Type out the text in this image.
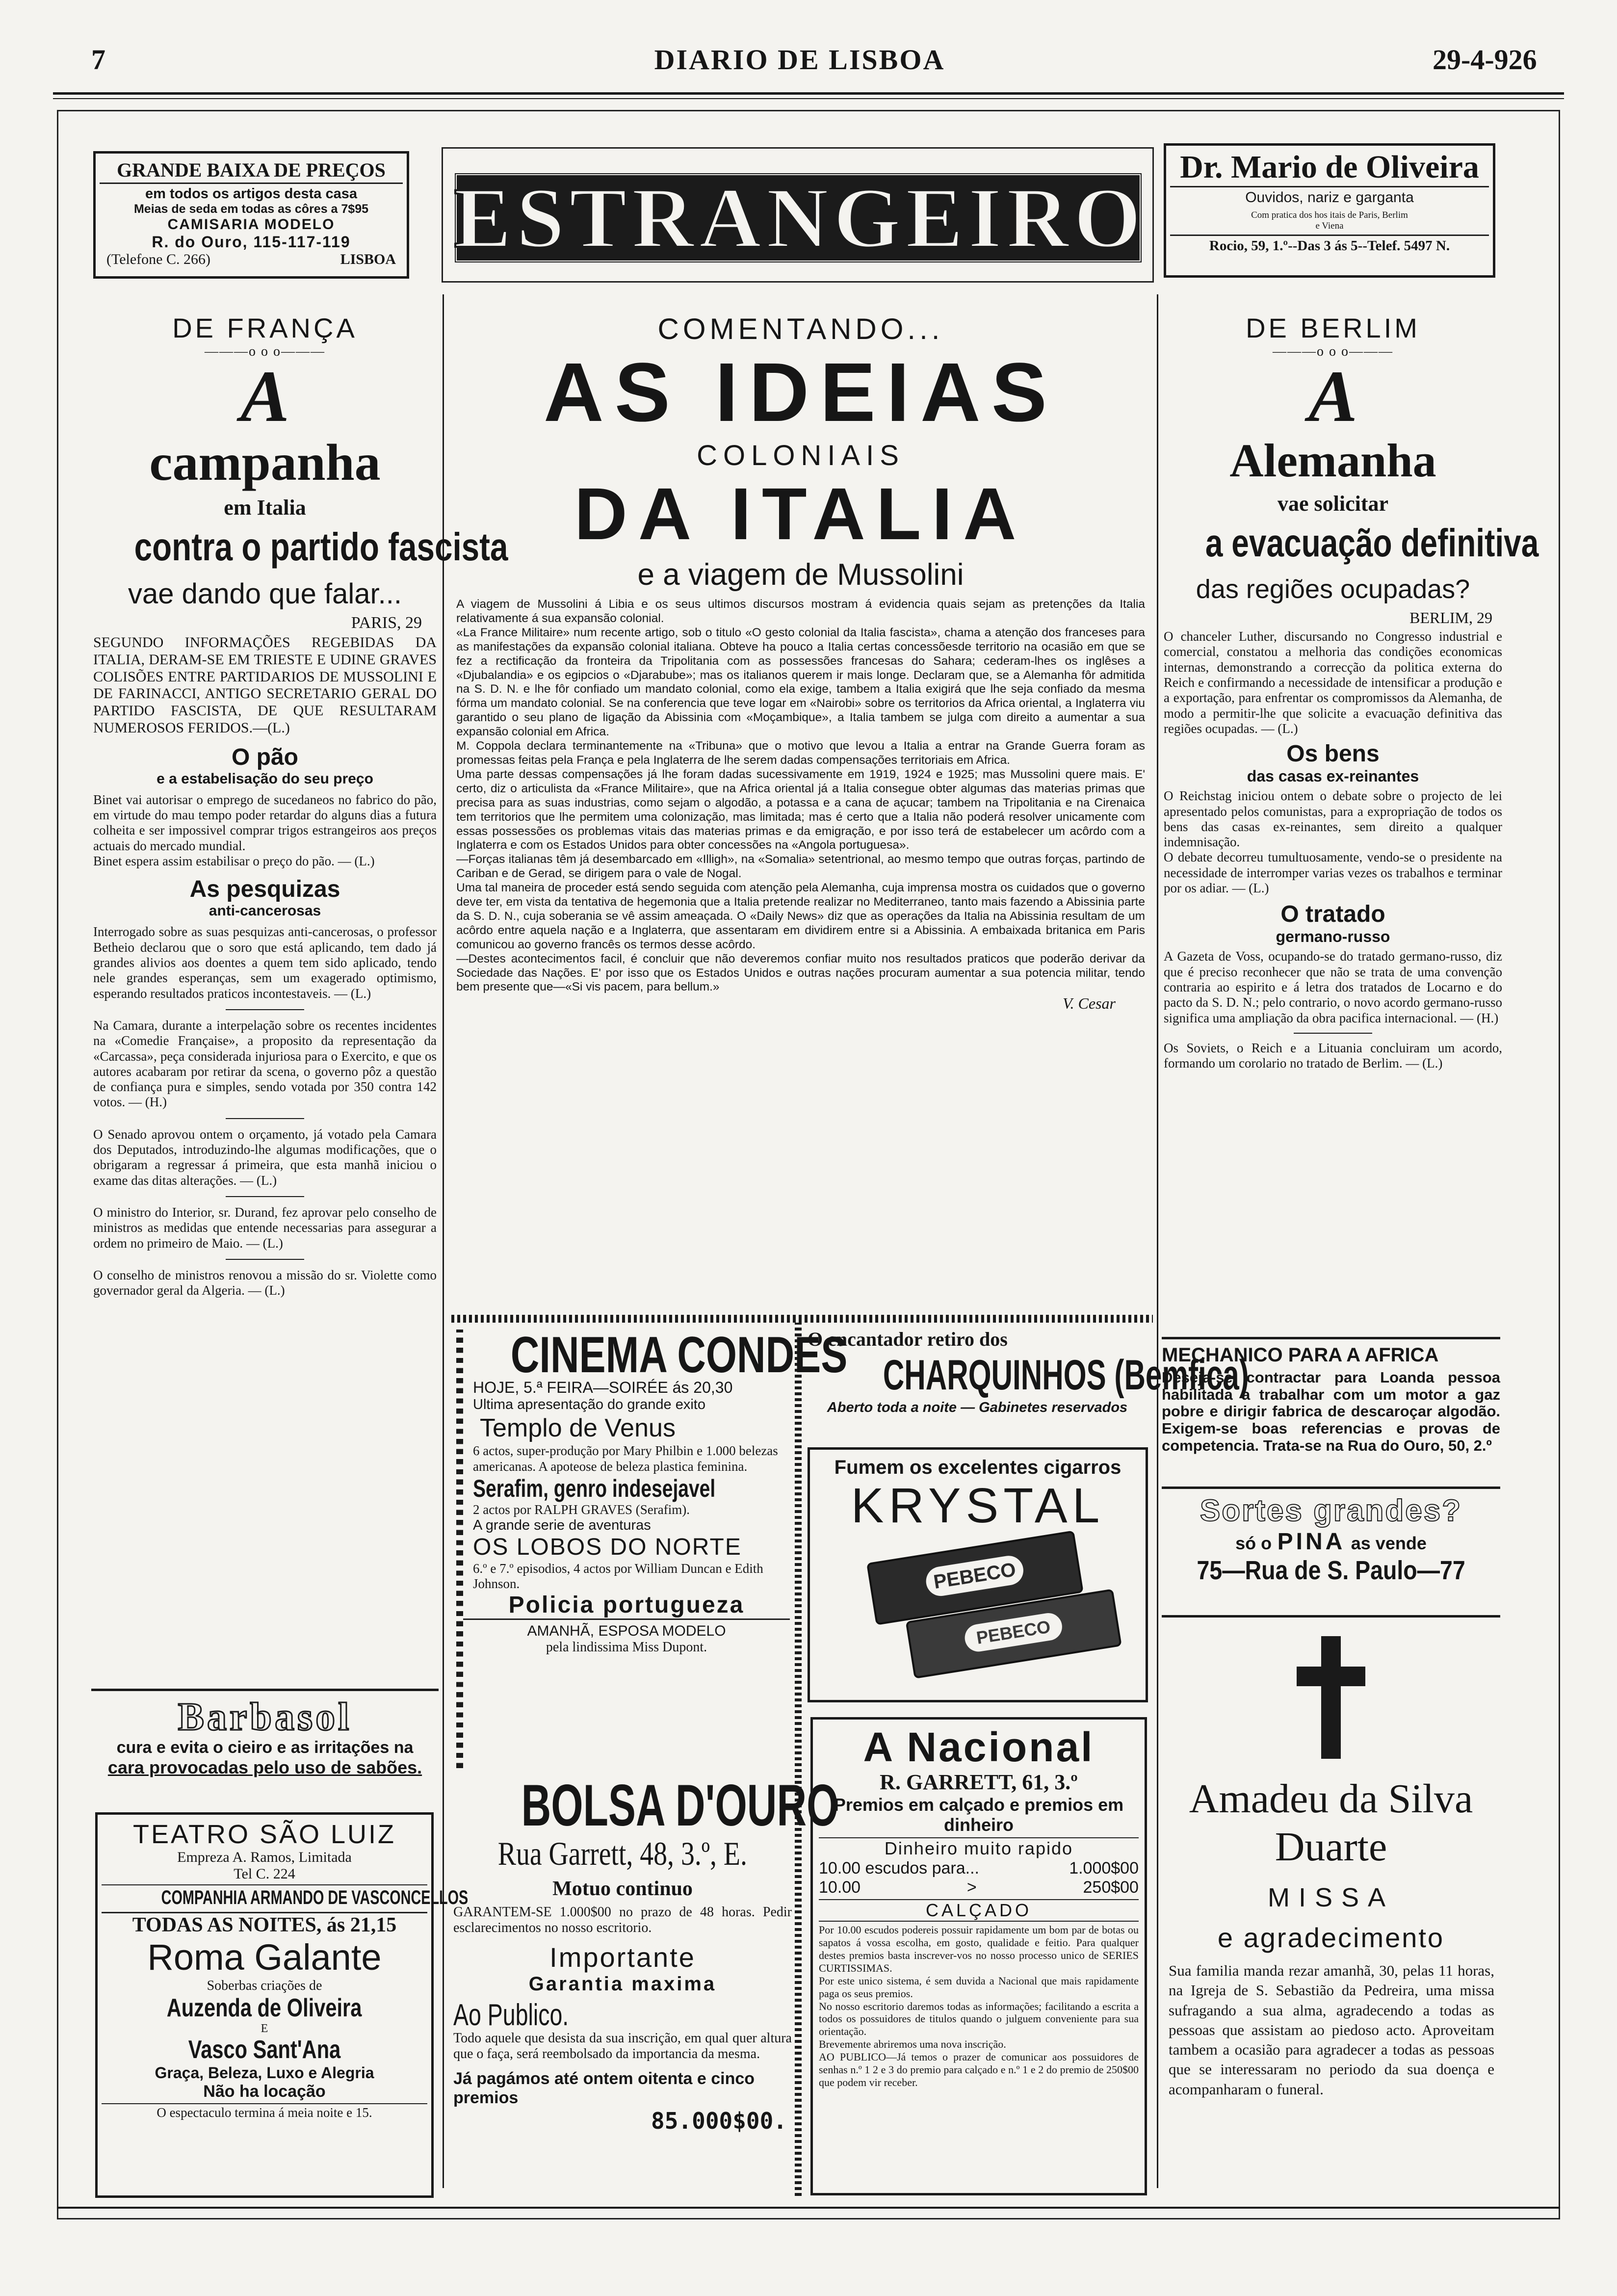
7	DIARIO DE LISBOA	29-4-926
GRANDE BAIXA DE PREÇOS
em todos os artigos desta casa
Meias de seda em todas as côres a 7$95
CAMISARIA MODELO
R. do Ouro, 115-117-119
(Telefone C. 266)	LISBOA ESTRANGEIRO
Dr. Mario de Oliveira
Ouvidos, nariz e garganta
Com pratica dos hos itais de Paris, Berlim
e Viena
Rocio, 59, 1.º--Das 3 ás 5--Telef. 5497 N.
DE FRANÇA
———o o o———
A
campanha
em Italia
contra o partido fascista
vae dando que falar...
PARIS, 29
SEGUNDO INFORMAÇÕES REGEBIDAS DA ITALIA, DERAM-SE EM TRIESTE E UDINE GRAVES COLISÕES ENTRE PARTIDARIOS DE MUSSOLINI E DE FARINACCI, ANTIGO SECRETARIO GERAL DO PARTIDO FASCISTA, DE QUE RESULTARAM NUMEROSOS FERIDOS.—(L.)
O pão
e a estabelisação do seu preço
Binet vai autorisar o emprego de sucedaneos no fabrico do pão, em virtude do mau tempo poder retardar do alguns dias a futura colheita e ser impossivel comprar trigos estrangeiros aos preços actuais do mercado mundial.
Binet espera assim estabilisar o preço do pão. — (L.)
As pesquizas
anti-cancerosas
Interrogado sobre as suas pesquizas anti-cancerosas, o professor Betheio declarou que o soro que está aplicando, tem dado já grandes alivios aos doentes a quem tem sido aplicado, tendo nele grandes esperanças, sem um exagerado optimismo, esperando resultados praticos incontestaveis. — (L.)
Na Camara, durante a interpelação sobre os recentes incidentes na «Comedie Française», a proposito da representação da «Carcassa», peça considerada injuriosa para o Exercito, e que os autores acabaram por retirar da scena, o governo pôz a questão de confiança pura e simples, sendo votada por 350 contra 142 votos. — (H.)
O Senado aprovou ontem o orçamento, já votado pela Camara dos Deputados, introduzindo-lhe algumas modificações, que o obrigaram a regressar á primeira, que esta manhã iniciou o exame das ditas alterações. — (L.)
O ministro do Interior, sr. Durand, fez aprovar pelo conselho de ministros as medidas que entende necessarias para assegurar a ordem no primeiro de Maio. — (L.)
O conselho de ministros renovou a missão do sr. Violette como governador geral da Algeria. — (L.)
Barbasol
cura e evita o cieiro e as irritações na
cara provocadas pelo uso de sabões.
TEATRO SÃO LUIZ
Empreza A. Ramos, Limitada
Tel C. 224
COMPANHIA ARMANDO DE VASCONCELLOS
TODAS AS NOITES, ás 21,15
Roma Galante
Soberbas criações de
Auzenda de Oliveira
E
Vasco Sant'Ana
Graça, Beleza, Luxo e Alegria
Não ha locação
O espectaculo termina á meia noite e 15.
COMENTANDO...
AS IDEIAS
COLONIAIS
DA ITALIA
e a viagem de Mussolini
A viagem de Mussolini á Libia e os seus ultimos discursos mostram á evidencia quais sejam as pretenções da Italia relativamente á sua expansão colonial.
«La France Militaire» num recente artigo, sob o titulo «O gesto colonial da Italia fascista», chama a atenção dos franceses para as manifestações da expansão colonial italiana. Obteve ha pouco a Italia certas concessõesde territorio na ocasião em que se fez a rectificação da fronteira da Tripolitania com as possessões francesas do Sahara; cederam-lhes os inglêses a «Djubalandia» e os egipcios o «Djarabube»; mas os italianos querem ir mais longe. Declaram que, se a Alemanha fôr admitida na S. D. N. e lhe fôr confiado um mandato colonial, como ela exige, tambem a Italia exigirá que lhe seja confiado da mesma fórma um mandato colonial. Se na conferencia que teve logar em «Nairobi» sobre os territorios da Africa oriental, a Inglaterra viu garantido o seu plano de ligação da Abissinia com «Moçambique», a Italia tambem se julga com direito a aumentar a sua expansão colonial em Africa.
M. Coppola declara terminantemente na «Tribuna» que o motivo que levou a Italia a entrar na Grande Guerra foram as promessas feitas pela França e pela Inglaterra de lhe serem dadas compensações territoriais em Africa.
Uma parte dessas compensações já lhe foram dadas sucessivamente em 1919, 1924 e 1925; mas Mussolini quere mais. E' certo, diz o articulista da «France Militaire», que na Africa oriental já a Italia consegue obter algumas das materias primas que precisa para as suas industrias, como sejam o algodão, a potassa e a cana de açucar; tambem na Tripolitania e na Cirenaica tem territorios que lhe permitem uma colonização, mas limitada; mas é certo que a Italia não poderá resolver unicamente com essas possessões os problemas vitais das materias primas e da emigração, e por isso terá de estabelecer um acôrdo com a Inglaterra e com os Estados Unidos para obter concessões na «Angola portuguesa».
—Forças italianas têm já desembarcado em «Illigh», na «Somalia» setentrional, ao mesmo tempo que outras forças, partindo de Cariban e de Gerad, se dirigem para o vale de Nogal.
Uma tal maneira de proceder está sendo seguida com atenção pela Alemanha, cuja imprensa mostra os cuidados que o governo deve ter, em vista da tentativa de hegemonia que a Italia pretende realizar no Mediterraneo, tanto mais fazendo a Abissinia parte da S. D. N., cuja soberania se vê assim ameaçada. O «Daily News» diz que as operações da Italia na Abissinia resultam de um acôrdo entre aquela nação e a Inglaterra, que assentaram em dividirem entre si a Abissinia. A embaixada britanica em Paris comunicou ao governo francês os termos desse acôrdo.
—Destes acontecimentos facil, é concluir que não deveremos confiar muito nos resultados praticos que poderão derivar da Sociedade das Nações. E' por isso que os Estados Unidos e outras nações procuram aumentar a sua potencia militar, tendo bem presente que—«Si vis pacem, para bellum.»
V. Cesar
CINEMA CONDES
HOJE, 5.ª FEIRA—SOIRÉE ás 20,30
Ultima apresentação do grande exito
Templo de Venus
6 actos, super-produção por Mary Philbin e 1.000 belezas americanas. A apoteose de beleza plastica feminina.
Serafim, genro indesejavel
2 actos por RALPH GRAVES (Serafim).
A grande serie de aventuras
OS LOBOS DO NORTE
6.º e 7.º episodios, 4 actos por William Duncan e Edith Johnson.
Policia portugueza
AMANHÃ, ESPOSA MODELO
pela lindissima Miss Dupont.
O encantador retiro dos
CHARQUINHOS (Bemfica)
Aberto toda a noite — Gabinetes reservados
Fumem os excelentes cigarros
KRYSTAL
PEBECO
PEBECO
BOLSA D'OURO
Rua Garrett, 48, 3.º, E.
Motuo continuo
GARANTEM-SE 1.000$00 no prazo de 48 horas. Pedir esclarecimentos no nosso escritorio.
Importante
Garantia maxima
Ao Publico.
Todo aquele que desista da sua inscrição, em qual quer altura que o faça, será reembolsado da importancia da mesma.
Já pagámos até ontem oitenta e cinco premios
85.000$00.
A Nacional
R. GARRETT, 61, 3.º
Premios em calçado e premios em dinheiro
Dinheiro muito rapido
10.00 escudos para...	1.000$00
10.00	>	250$00
CALÇADO
Por 10.00 escudos podereis possuir rapidamente um bom par de botas ou sapatos á vossa escolha, em gosto, qualidade e feitio. Para qualquer destes premios basta inscrever-vos no nosso processo unico de SERIES CURTISSIMAS.
Por este unico sistema, é sem duvida a Nacional que mais rapidamente paga os seus premios.
No nosso escritorio daremos todas as informações; facilitando a escrita a todos os possuidores de titulos quando o julguem conveniente para sua orientação.
Brevemente abriremos uma nova inscrição.
AO PUBLICO—Já temos o prazer de comunicar aos possuidores de senhas n.º 1 2 e 3 do premio para calçado e n.º 1 e 2 do premio de 250$00 que podem vir receber.
DE BERLIM
———o o o———
A
Alemanha
vae solicitar
a evacuação definitiva
das regiões ocupadas?
BERLIM, 29
O chanceler Luther, discursando no Congresso industrial e comercial, constatou a melhoria das condições economicas internas, demonstrando a correcção da politica externa do Reich e confirmando a necessidade de intensificar a produção e a exportação, para enfrentar os compromissos da Alemanha, de modo a permitir-lhe que solicite a evacuação definitiva das regiões ocupadas. — (L.)
Os bens
das casas ex-reinantes
O Reichstag iniciou ontem o debate sobre o projecto de lei apresentado pelos comunistas, para a expropriação de todos os bens das casas ex-reinantes, sem direito a qualquer indemnisação.
O debate decorreu tumultuosamente, vendo-se o presidente na necessidade de interromper varias vezes os trabalhos e terminar por os adiar. — (L.)
O tratado
germano-russo
A Gazeta de Voss, ocupando-se do tratado germano-russo, diz que é preciso reconhecer que não se trata de uma convenção contraria ao espirito e á letra dos tratados de Locarno e do pacto da S. D. N.; pelo contrario, o novo acordo germano-russo significa uma ampliação da obra pacifica internacional. — (H.)
Os Soviets, o Reich e a Lituania concluiram um acordo, formando um corolario no tratado de Berlim. — (L.)
MECHANICO PARA A AFRICA
Deseja-se contractar para Loanda pessoa habilitada a trabalhar com um motor a gaz pobre e dirigir fabrica de descaroçar algodão. Exigem-se boas referencias e provas de competencia. Trata-se na Rua do Ouro, 50, 2.º
Sortes grandes?
só o PINA as vende
75—Rua de S. Paulo—77
Amadeu da Silva
Duarte
MISSA
e agradecimento
Sua familia manda rezar amanhã, 30, pelas 11 horas, na Igreja de S. Sebastião da Pedreira, uma missa sufragando a sua alma, agradecendo a todas as pessoas que assistam ao piedoso acto. Aproveitam tambem a ocasião para agradecer a todas as pessoas que se interessaram no periodo da sua doença e acompanharam o funeral.
